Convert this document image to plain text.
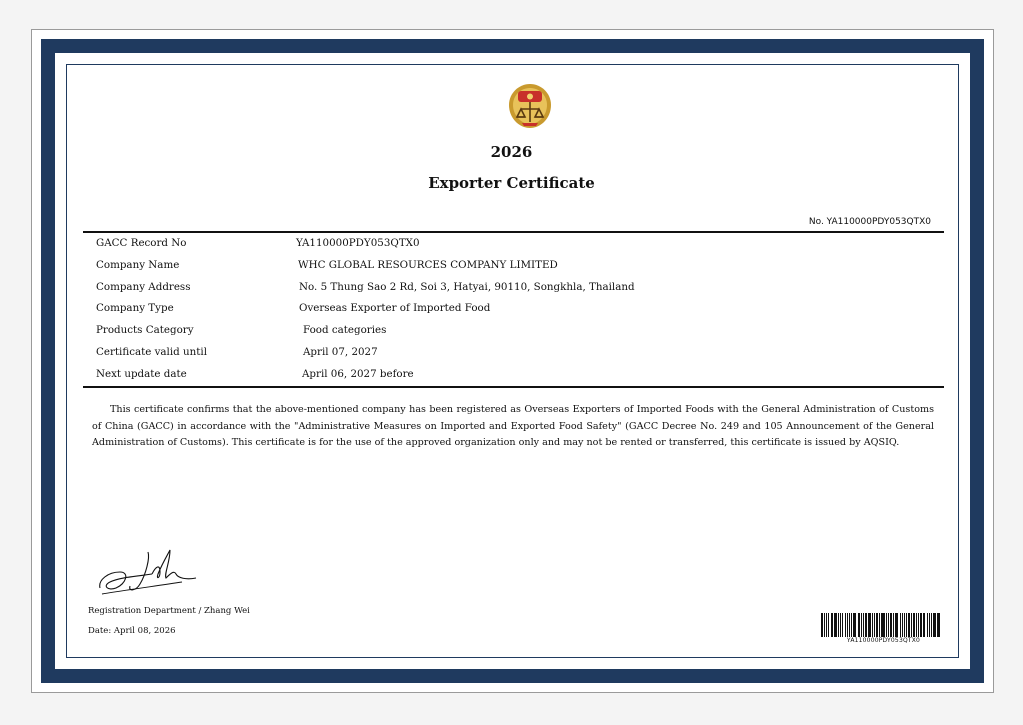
2026
Exporter Certificate
No. YA110000PDY053QTX0
GACC Record No	YA110000PDY053QTX0
Company Name	WHC GLOBAL RESOURCES COMPANY LIMITED
Company Address	No. 5 Thung Sao 2 Rd, Soi 3, Hatyai, 90110, Songkhla, Thailand
Company Type	Overseas Exporter of Imported Food
Products Category	Food categories
Certificate valid until	April 07, 2027
Next update date	April 06, 2027 before
This certificate confirms that the above-mentioned company has been registered as Overseas Exporters of Imported Foods with the General Administration of Customs of China (GACC) in accordance with the "Administrative Measures on Imported and Exported Food Safety" (GACC Decree No. 249 and 105 Announcement of the General Administration of Customs). This certificate is for the use of the approved organization only and may not be rented or transferred, this certificate is issued by AQSIQ.
Registration Department / Zhang Wei
Date: April 08, 2026
YA110000PDY053QTX0
